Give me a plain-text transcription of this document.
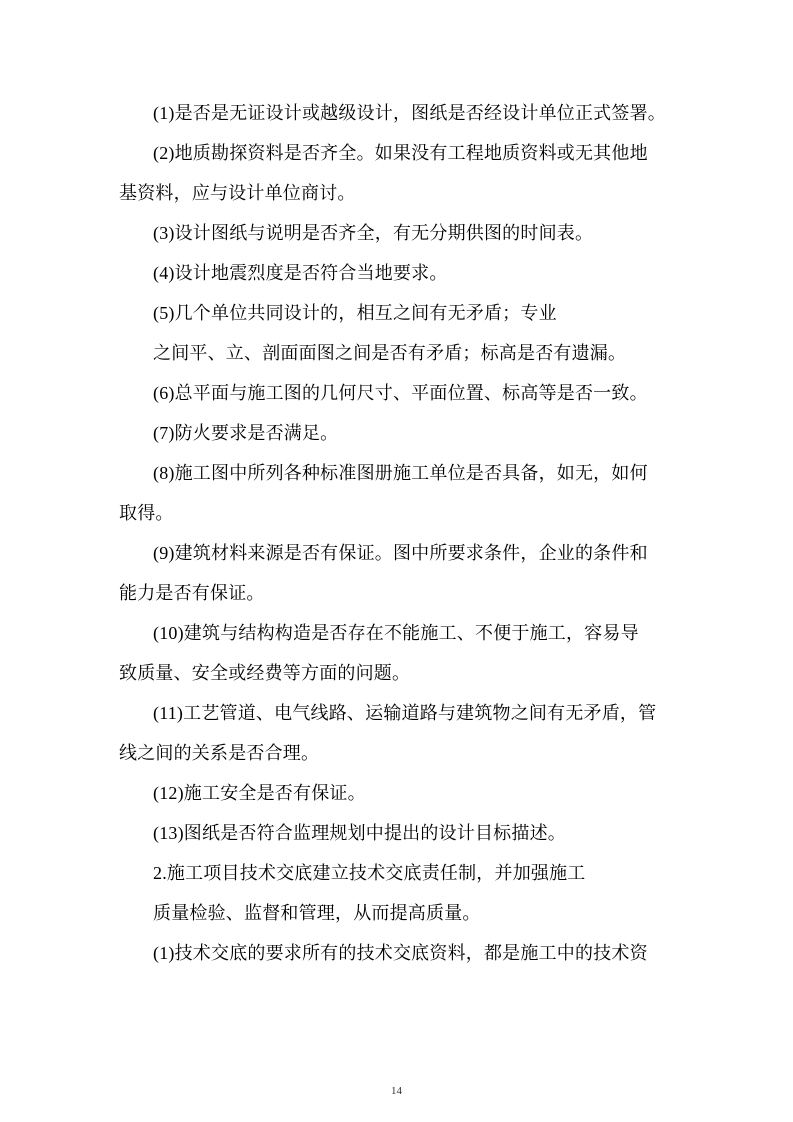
(1)是否是无证设计或越级设计，图纸是否经设计单位正式签署。
(2)地质勘探资料是否齐全。如果没有工程地质资料或无其他地
基资料，应与设计单位商讨。
(3)设计图纸与说明是否齐全，有无分期供图的时间表。
(4)设计地震烈度是否符合当地要求。
(5)几个单位共同设计的，相互之间有无矛盾；专业
之间平、立、剖面面图之间是否有矛盾；标高是否有遗漏。
(6)总平面与施工图的几何尺寸、平面位置、标高等是否一致。
(7)防火要求是否满足。
(8)施工图中所列各种标准图册施工单位是否具备，如无，如何
取得。
(9)建筑材料来源是否有保证。图中所要求条件，企业的条件和
能力是否有保证。
(10)建筑与结构构造是否存在不能施工、不便于施工，容易导
致质量、安全或经费等方面的问题。
(11)工艺管道、电气线路、运输道路与建筑物之间有无矛盾，管
线之间的关系是否合理。
(12)施工安全是否有保证。
(13)图纸是否符合监理规划中提出的设计目标描述。
2.施工项目技术交底建立技术交底责任制，并加强施工
质量检验、监督和管理，从而提高质量。
(1)技术交底的要求所有的技术交底资料，都是施工中的技术资
14
